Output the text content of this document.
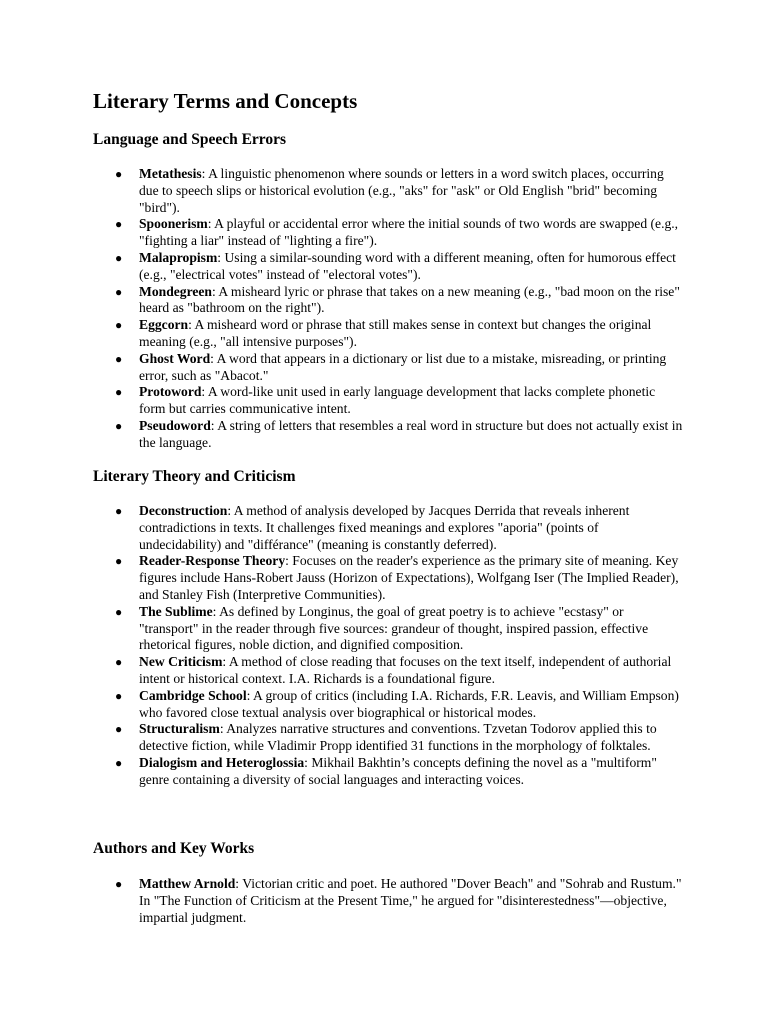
Literary Terms and Concepts
Language and Speech Errors
● Metathesis: A linguistic phenomenon where sounds or letters in a word switch places, occurring due to speech slips or historical evolution (e.g., "aks" for "ask" or Old English "brid" becoming "bird").
● Spoonerism: A playful or accidental error where the initial sounds of two words are swapped (e.g., "fighting a liar" instead of "lighting a fire").
● Malapropism: Using a similar-sounding word with a different meaning, often for humorous effect (e.g., "electrical votes" instead of "electoral votes").
● Mondegreen: A misheard lyric or phrase that takes on a new meaning (e.g., "bad moon on the rise" heard as "bathroom on the right").
● Eggcorn: A misheard word or phrase that still makes sense in context but changes the original meaning (e.g., "all intensive purposes").
● Ghost Word: A word that appears in a dictionary or list due to a mistake, misreading, or printing error, such as "Abacot."
● Protoword: A word-like unit used in early language development that lacks complete phonetic form but carries communicative intent.
● Pseudoword: A string of letters that resembles a real word in structure but does not actually exist in the language.
Literary Theory and Criticism
● Deconstruction: A method of analysis developed by Jacques Derrida that reveals inherent contradictions in texts. It challenges fixed meanings and explores "aporia" (points of undecidability) and "différance" (meaning is constantly deferred).
● Reader-Response Theory: Focuses on the reader's experience as the primary site of meaning. Key figures include Hans-Robert Jauss (Horizon of Expectations), Wolfgang Iser (The Implied Reader), and Stanley Fish (Interpretive Communities).
● The Sublime: As defined by Longinus, the goal of great poetry is to achieve "ecstasy" or "transport" in the reader through five sources: grandeur of thought, inspired passion, effective rhetorical figures, noble diction, and dignified composition.
● New Criticism: A method of close reading that focuses on the text itself, independent of authorial intent or historical context. I.A. Richards is a foundational figure.
● Cambridge School: A group of critics (including I.A. Richards, F.R. Leavis, and William Empson) who favored close textual analysis over biographical or historical modes.
● Structuralism: Analyzes narrative structures and conventions. Tzvetan Todorov applied this to detective fiction, while Vladimir Propp identified 31 functions in the morphology of folktales.
● Dialogism and Heteroglossia: Mikhail Bakhtin’s concepts defining the novel as a "multiform" genre containing a diversity of social languages and interacting voices.
Authors and Key Works
● Matthew Arnold: Victorian critic and poet. He authored "Dover Beach" and "Sohrab and Rustum." In "The Function of Criticism at the Present Time," he argued for "disinterestedness"—objective, impartial judgment.
